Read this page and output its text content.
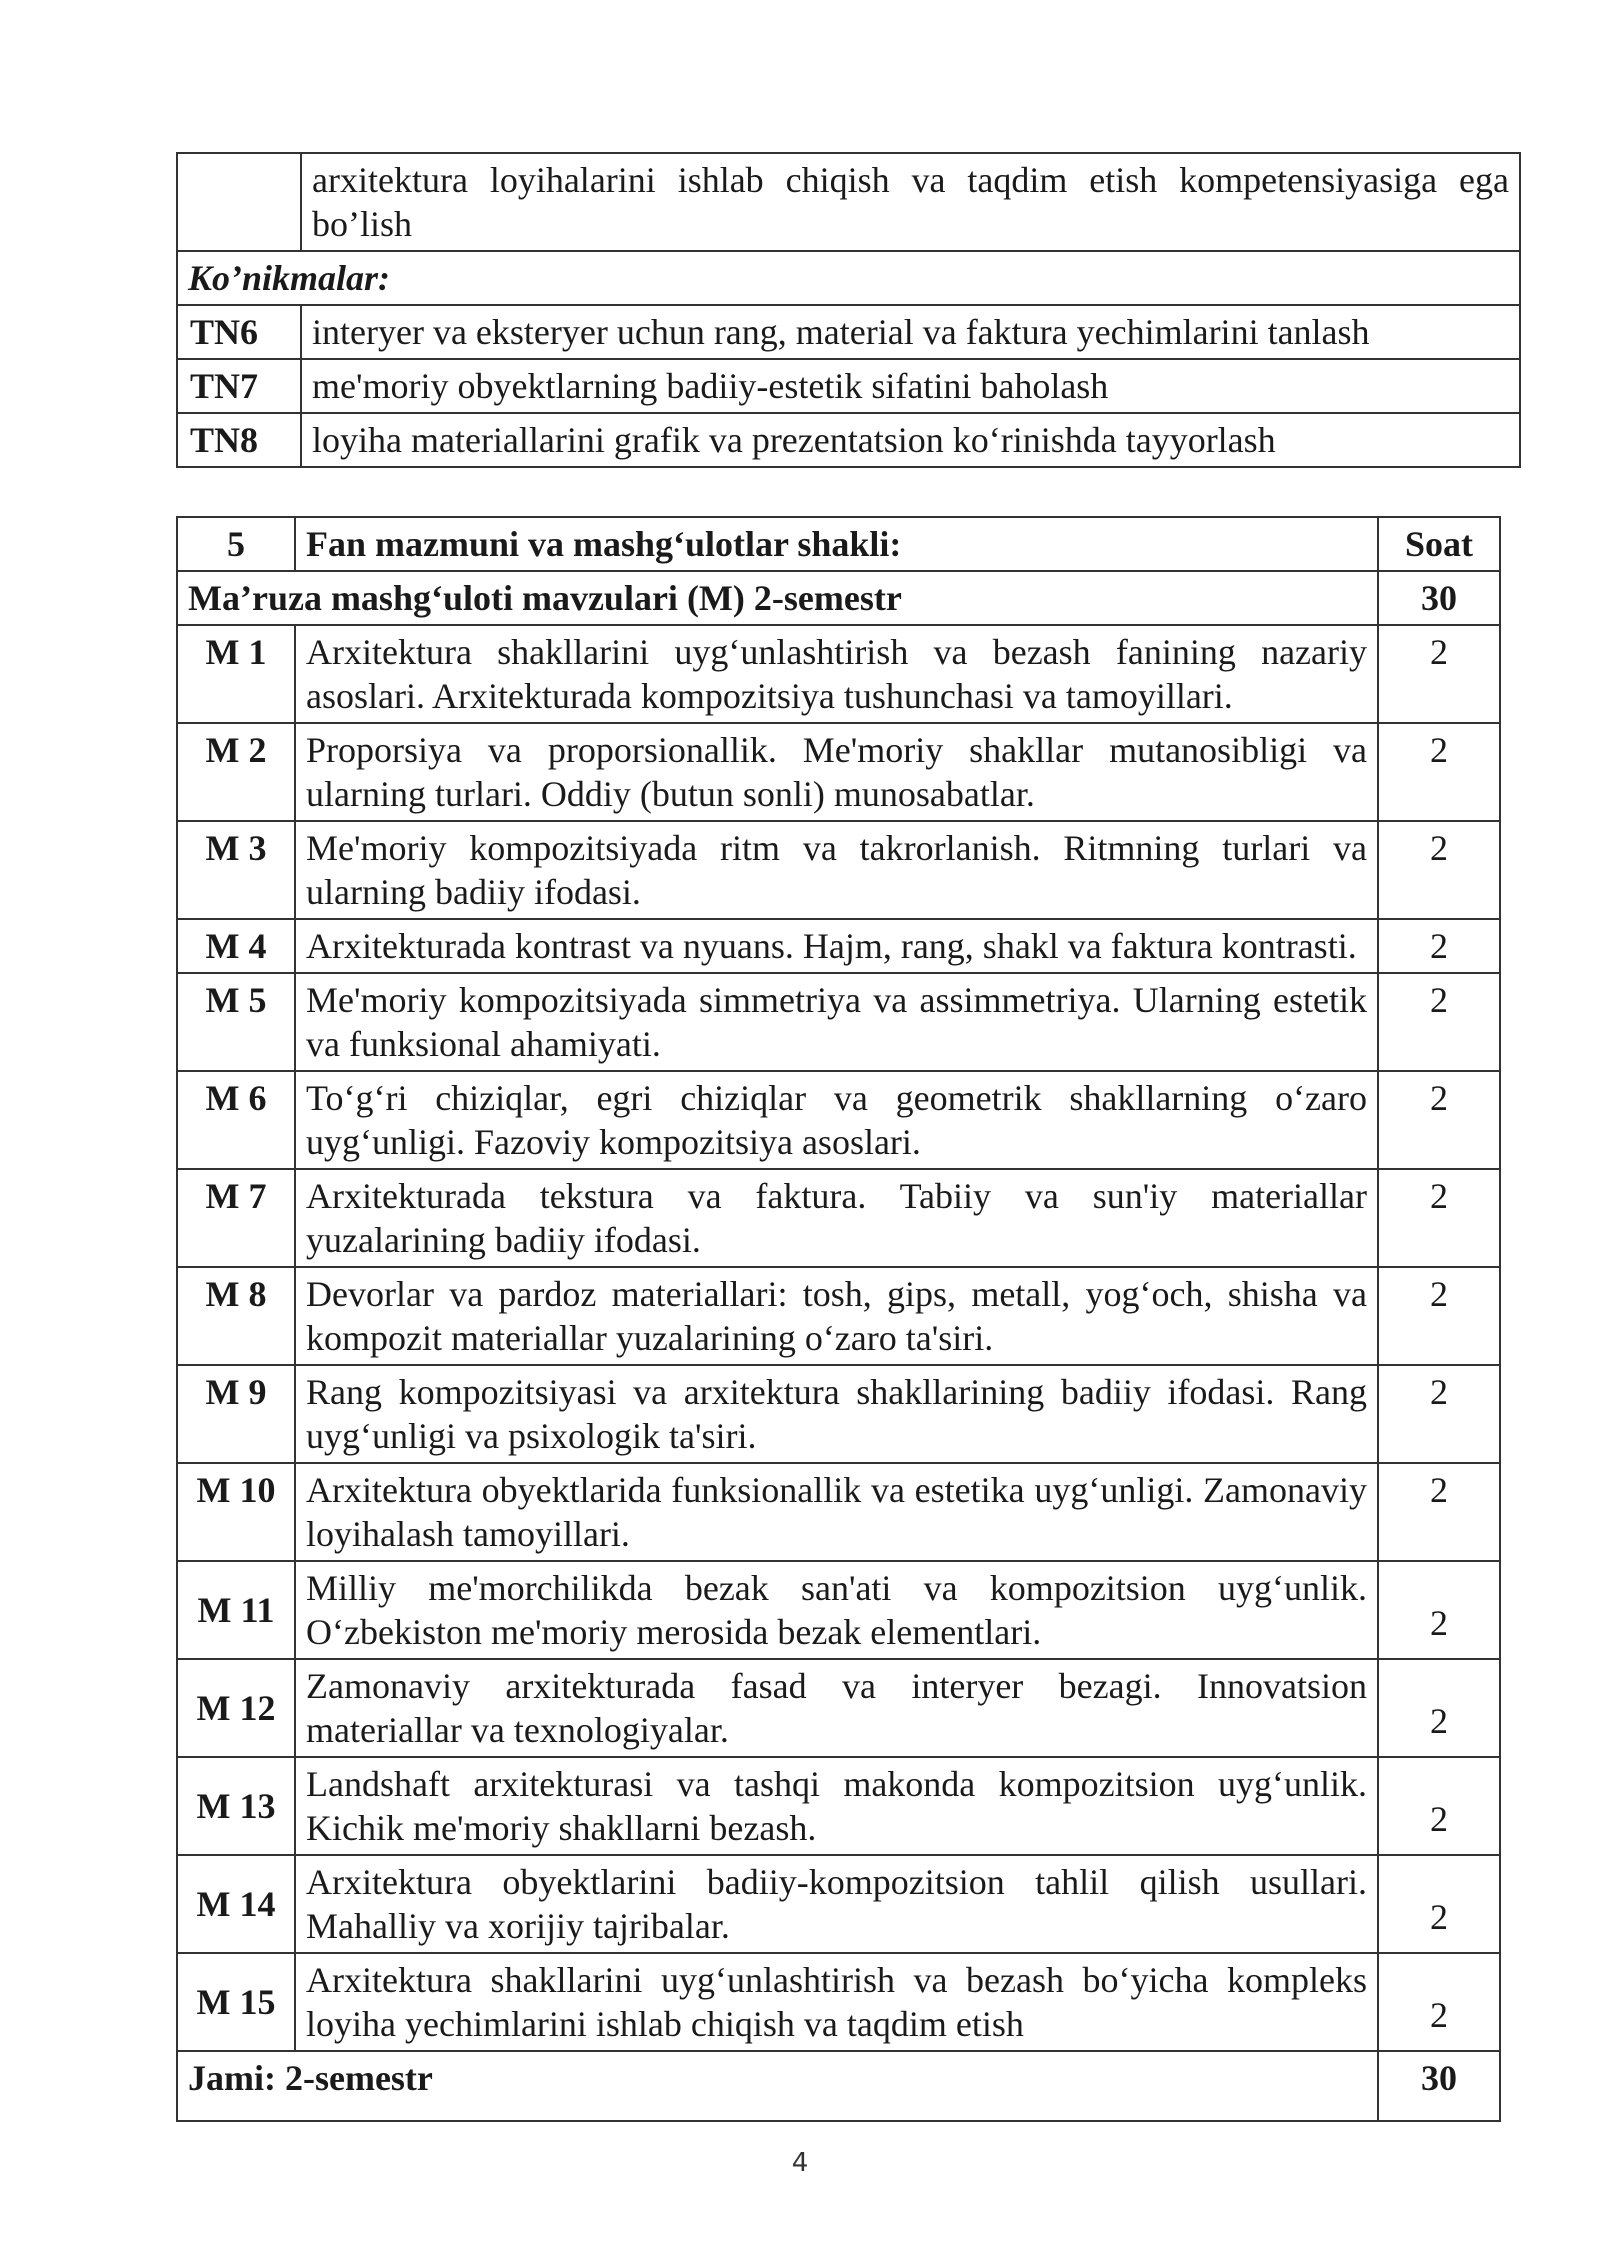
	arxitektura loyihalarini ishlab chiqish va taqdim etish kompetensiyasiga ega bo’lish
Ko’nikmalar:	
TN6	interyer va eksteryer uchun rang, material va faktura yechimlarini tanlash
TN7	me'moriy obyektlarning badiiy-estetik sifatini baholash
TN8	loyiha materiallarini grafik va prezentatsion ko‘rinishda tayyorlash
5	Fan mazmuni va mashg‘ulotlar shakli:	Soat
Ma’ruza mashg‘uloti mavzulari (M) 2-semestr		30
M 1	Arxitektura shakllarini uyg‘unlashtirish va bezash fanining nazariy asoslari. Arxitekturada kompozitsiya tushunchasi va tamoyillari.	2
M 2	Proporsiya va proporsionallik. Me'moriy shakllar mutanosibligi va ularning turlari. Oddiy (butun sonli) munosabatlar.	2
M 3	Me'moriy kompozitsiyada ritm va takrorlanish. Ritmning turlari va ularning badiiy ifodasi.	2
M 4	Arxitekturada kontrast va nyuans. Hajm, rang, shakl va faktura kontrasti.	2
M 5	Me'moriy kompozitsiyada simmetriya va assimmetriya. Ularning estetik va funksional ahamiyati.	2
M 6	To‘g‘ri chiziqlar, egri chiziqlar va geometrik shakllarning o‘zaro uyg‘unligi. Fazoviy kompozitsiya asoslari.	2
M 7	Arxitekturada tekstura va faktura. Tabiiy va sun'iy materiallar yuzalarining badiiy ifodasi.	2
M 8	Devorlar va pardoz materiallari: tosh, gips, metall, yog‘och, shisha va kompozit materiallar yuzalarining o‘zaro ta'siri.	2
M 9	Rang kompozitsiyasi va arxitektura shakllarining badiiy ifodasi. Rang uyg‘unligi va psixologik ta'siri.	2
M 10	Arxitektura obyektlarida funksionallik va estetika uyg‘unligi. Zamonaviy loyihalash tamoyillari.	2
M 11	Milliy me'morchilikda bezak san'ati va kompozitsion uyg‘unlik. O‘zbekiston me'moriy merosida bezak elementlari.	2
M 12	Zamonaviy arxitekturada fasad va interyer bezagi. Innovatsion materiallar va texnologiyalar.	2
M 13	Landshaft arxitekturasi va tashqi makonda kompozitsion uyg‘unlik. Kichik me'moriy shakllarni bezash.	2
M 14	Arxitektura obyektlarini badiiy-kompozitsion tahlil qilish usullari. Mahalliy va xorijiy tajribalar.	2
M 15	Arxitektura shakllarini uyg‘unlashtirish va bezash bo‘yicha kompleks loyiha yechimlarini ishlab chiqish va taqdim etish	2
Jami: 2-semestr		30
4
